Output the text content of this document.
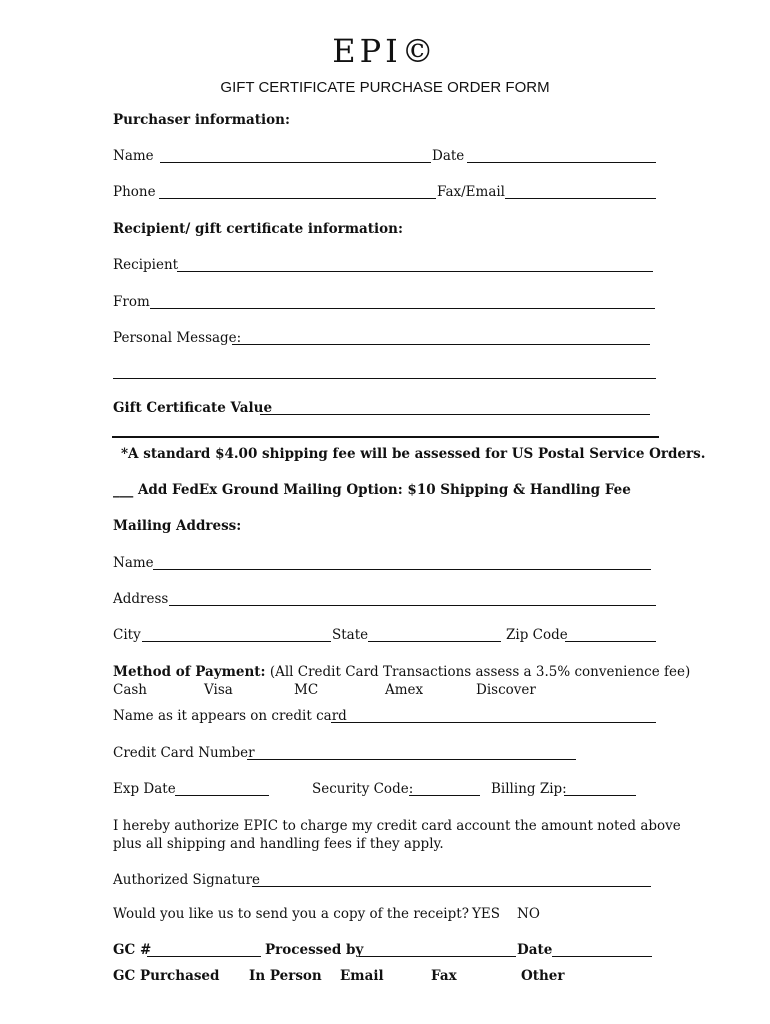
EPI©
GIFT CERTIFICATE PURCHASE ORDER FORM
Purchaser information:
Name	Date
Phone	Fax/Email
Recipient/ gift certificate information:
Recipient
From
Personal Message:
Gift Certificate Value
*A standard $4.00 shipping fee will be assessed for US Postal Service Orders.
___ Add FedEx Ground Mailing Option: $10 Shipping & Handling Fee
Mailing Address:
Name
Address
City	State	Zip Code
Method of Payment: (All Credit Card Transactions assess a 3.5% convenience fee)
Cash	Visa	MC	Amex	Discover
Name as it appears on credit card
Credit Card Number
Exp Date	Security Code:	Billing Zip:
I hereby authorize EPIC to charge my credit card account the amount noted above
plus all shipping and handling fees if they apply.
Authorized Signature
Would you like us to send you a copy of the receipt? YES NO
GC #	Processed by	Date
GC Purchased In Person Email	Fax	Other
